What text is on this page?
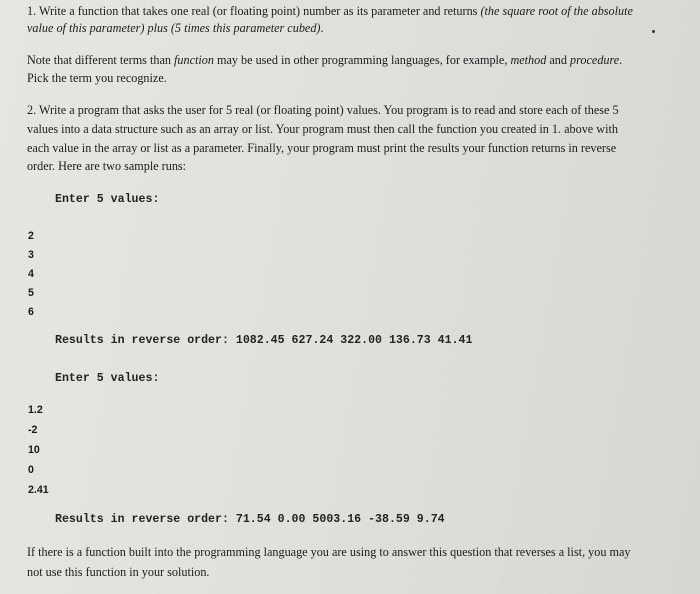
1. Write a function that takes one real (or floating point) number as its parameter and returns (the square root of the absolute

value of this parameter) plus (5 times this parameter cubed).

Note that different terms than function may be used in other programming languages, for example, method and procedure.

Pick the term you recognize.

2. Write a program that asks the user for 5 real (or floating point) values. You program is to read and store each of these 5

values into a data structure such as an array or list. Your program must then call the function you created in 1. above with

each value in the array or list as a parameter. Finally, your program must print the results your function returns in reverse

order. Here are two sample runs:

Enter 5 values:

2

3

4

5

6

Results in reverse order: 1082.45 627.24 322.00 136.73 41.41

Enter 5 values:

1.2

-2

10

0

2.41

Results in reverse order: 71.54 0.00 5003.16 -38.59 9.74

If there is a function built into the programming language you are using to answer this question that reverses a list, you may

not use this function in your solution.
